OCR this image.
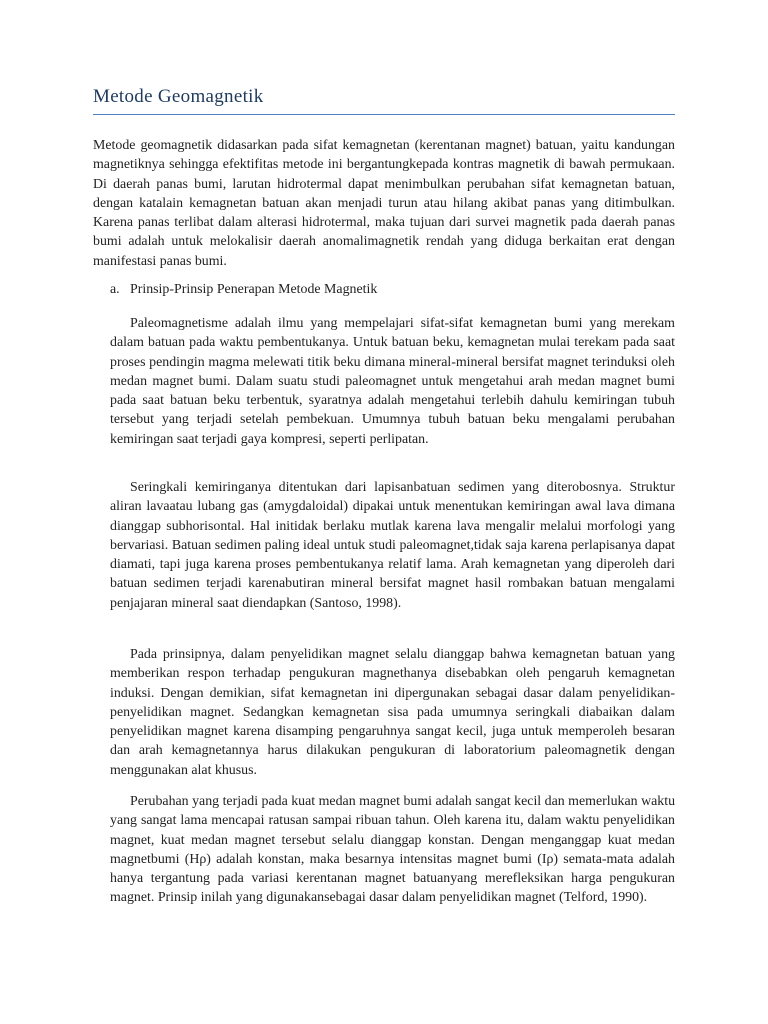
Metode Geomagnetik

Metode geomagnetik didasarkan pada sifat kemagnetan (kerentanan magnet) batuan, yaitu kandungan magnetiknya sehingga efektifitas metode ini bergantungkepada kontras magnetik di bawah permukaan. Di daerah panas bumi, larutan hidrotermal dapat menimbulkan perubahan sifat kemagnetan batuan, dengan katalain kemagnetan batuan akan menjadi turun atau hilang akibat panas yang ditimbulkan. Karena panas terlibat dalam alterasi hidrotermal, maka tujuan dari survei magnetik pada daerah panas bumi adalah untuk melokalisir daerah anomalimagnetik rendah yang diduga berkaitan erat dengan manifestasi panas bumi.

a. Prinsip-Prinsip Penerapan Metode Magnetik

Paleomagnetisme adalah ilmu yang mempelajari sifat-sifat kemagnetan bumi yang merekam dalam batuan pada waktu pembentukanya. Untuk batuan beku, kemagnetan mulai terekam pada saat proses pendingin magma melewati titik beku dimana mineral-mineral bersifat magnet terinduksi oleh medan magnet bumi. Dalam suatu studi paleomagnet untuk mengetahui arah medan magnet bumi pada saat batuan beku terbentuk, syaratnya adalah mengetahui terlebih dahulu kemiringan tubuh tersebut yang terjadi setelah pembekuan. Umumnya tubuh batuan beku mengalami perubahan kemiringan saat terjadi gaya kompresi, seperti perlipatan.

Seringkali kemiringanya ditentukan dari lapisanbatuan sedimen yang diterobosnya. Struktur aliran lavaatau lubang gas (amygdaloidal) dipakai untuk menentukan kemiringan awal lava dimana dianggap subhorisontal. Hal initidak berlaku mutlak karena lava mengalir melalui morfologi yang bervariasi. Batuan sedimen paling ideal untuk studi paleomagnet,tidak saja karena perlapisanya dapat diamati, tapi juga karena proses pembentukanya relatif lama. Arah kemagnetan yang diperoleh dari batuan sedimen terjadi karenabutiran mineral bersifat magnet hasil rombakan batuan mengalami penjajaran mineral saat diendapkan (Santoso, 1998).

Pada prinsipnya, dalam penyelidikan magnet selalu dianggap bahwa kemagnetan batuan yang memberikan respon terhadap pengukuran magnethanya disebabkan oleh pengaruh kemagnetan induksi. Dengan demikian, sifat kemagnetan ini dipergunakan sebagai dasar dalam penyelidikan-penyelidikan magnet. Sedangkan kemagnetan sisa pada umumnya seringkali diabaikan dalam penyelidikan magnet karena disamping pengaruhnya sangat kecil, juga untuk memperoleh besaran dan arah kemagnetannya harus dilakukan pengukuran di laboratorium paleomagnetik dengan menggunakan alat khusus.

Perubahan yang terjadi pada kuat medan magnet bumi adalah sangat kecil dan memerlukan waktu yang sangat lama mencapai ratusan sampai ribuan tahun. Oleh karena itu, dalam waktu penyelidikan magnet, kuat medan magnet tersebut selalu dianggap konstan. Dengan menganggap kuat medan magnetbumi (Hρ) adalah konstan, maka besarnya intensitas magnet bumi (Iρ) semata-mata adalah hanya tergantung pada variasi kerentanan magnet batuanyang merefleksikan harga pengukuran magnet. Prinsip inilah yang digunakansebagai dasar dalam penyelidikan magnet (Telford, 1990).
